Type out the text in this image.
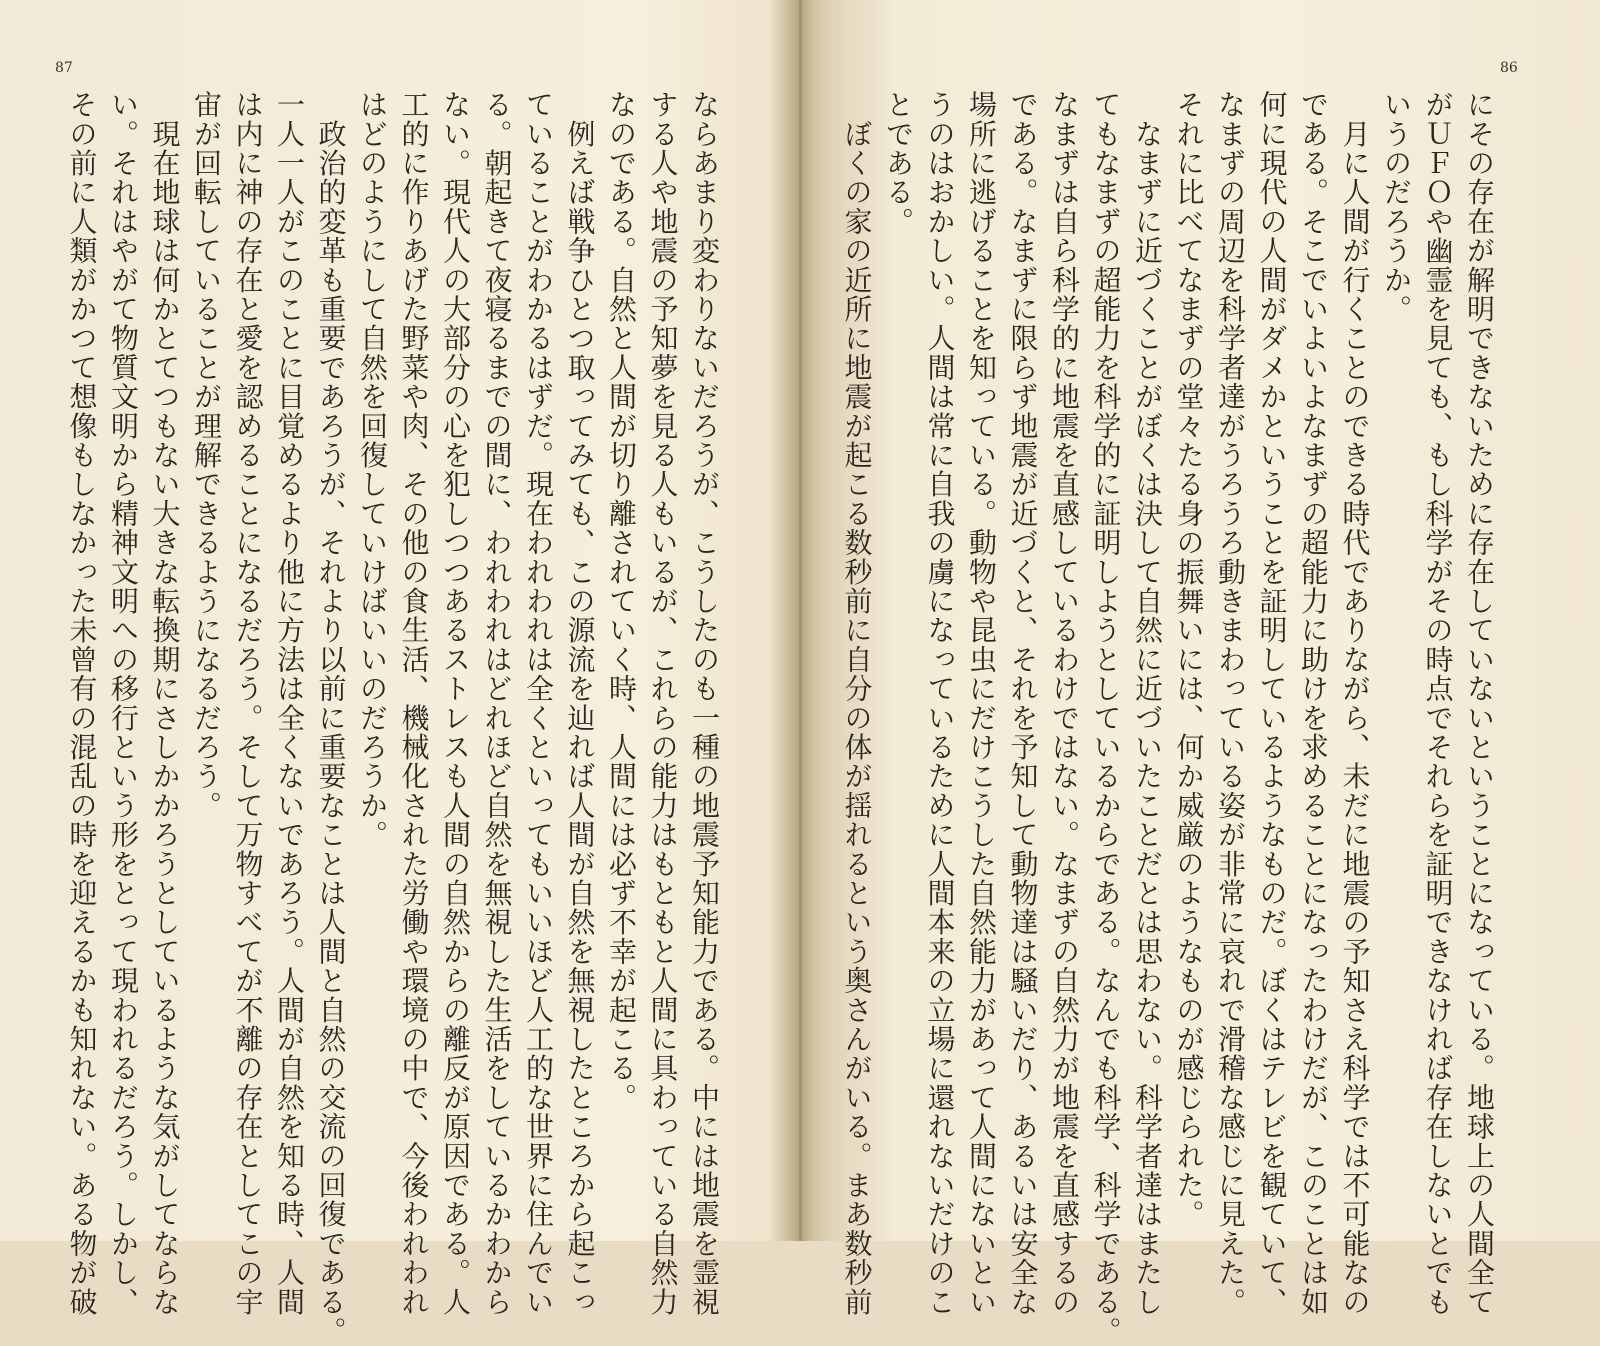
87
ならあまり変わりないだろうが、こうしたのも一種の地震予知能力である。中には地震を霊視
する人や地震の予知夢を見る人もいるが、これらの能力はもともと人間に具わっている自然力
なのである。自然と人間が切り離されていく時、人間には必ず不幸が起こる。
　例えば戦争ひとつ取ってみても、この源流を辿れば人間が自然を無視したところから起こっ
ていることがわかるはずだ。現在われわれは全くといってもいいほど人工的な世界に住んでい
る。朝起きて夜寝るまでの間に、われわれはどれほど自然を無視した生活をしているかわから
ない。現代人の大部分の心を犯しつつあるストレスも人間の自然からの離反が原因である。人
工的に作りあげた野菜や肉、その他の食生活、機械化された労働や環境の中で、今後われわれ
はどのようにして自然を回復していけばいいのだろうか。
　政治的変革も重要であろうが、それより以前に重要なことは人間と自然の交流の回復である。
一人一人がこのことに目覚めるより他に方法は全くないであろう。人間が自然を知る時、人間
は内に神の存在と愛を認めることになるだろう。そして万物すべてが不離の存在としてこの宇
宙が回転していることが理解できるようになるだろう。
　現在地球は何かとてつもない大きな転換期にさしかかろうとしているような気がしてならな
い。それはやがて物質文明から精神文明への移行という形をとって現われるだろう。しかし、
その前に人類がかつて想像もしなかった未曾有の混乱の時を迎えるかも知れない。ある物が破
86
にその存在が解明できないために存在していないということになっている。地球上の人間全て
がＵＦＯや幽霊を見ても、もし科学がその時点でそれらを証明できなければ存在しないとでも
いうのだろうか。
　月に人間が行くことのできる時代でありながら、未だに地震の予知さえ科学では不可能なの
である。そこでいよいよなまずの超能力に助けを求めることになったわけだが、このことは如
何に現代の人間がダメかということを証明しているようなものだ。ぼくはテレビを観ていて、
なまずの周辺を科学者達がうろうろ動きまわっている姿が非常に哀れで滑稽な感じに見えた。
それに比べてなまずの堂々たる身の振舞いには、何か威厳のようなものが感じられた。
　なまずに近づくことがぼくは決して自然に近づいたことだとは思わない。科学者達はまたし
てもなまずの超能力を科学的に証明しようとしているからである。なんでも科学、科学である。
なまずは自ら科学的に地震を直感しているわけではない。なまずの自然力が地震を直感するの
である。なまずに限らず地震が近づくと、それを予知して動物達は騒いだり、あるいは安全な
場所に逃げることを知っている。動物や昆虫にだけこうした自然能力があって人間にないとい
うのはおかしい。人間は常に自我の虜になっているために人間本来の立場に還れないだけのこ
とである。
　ぼくの家の近所に地震が起こる数秒前に自分の体が揺れるという奥さんがいる。まあ数秒前
